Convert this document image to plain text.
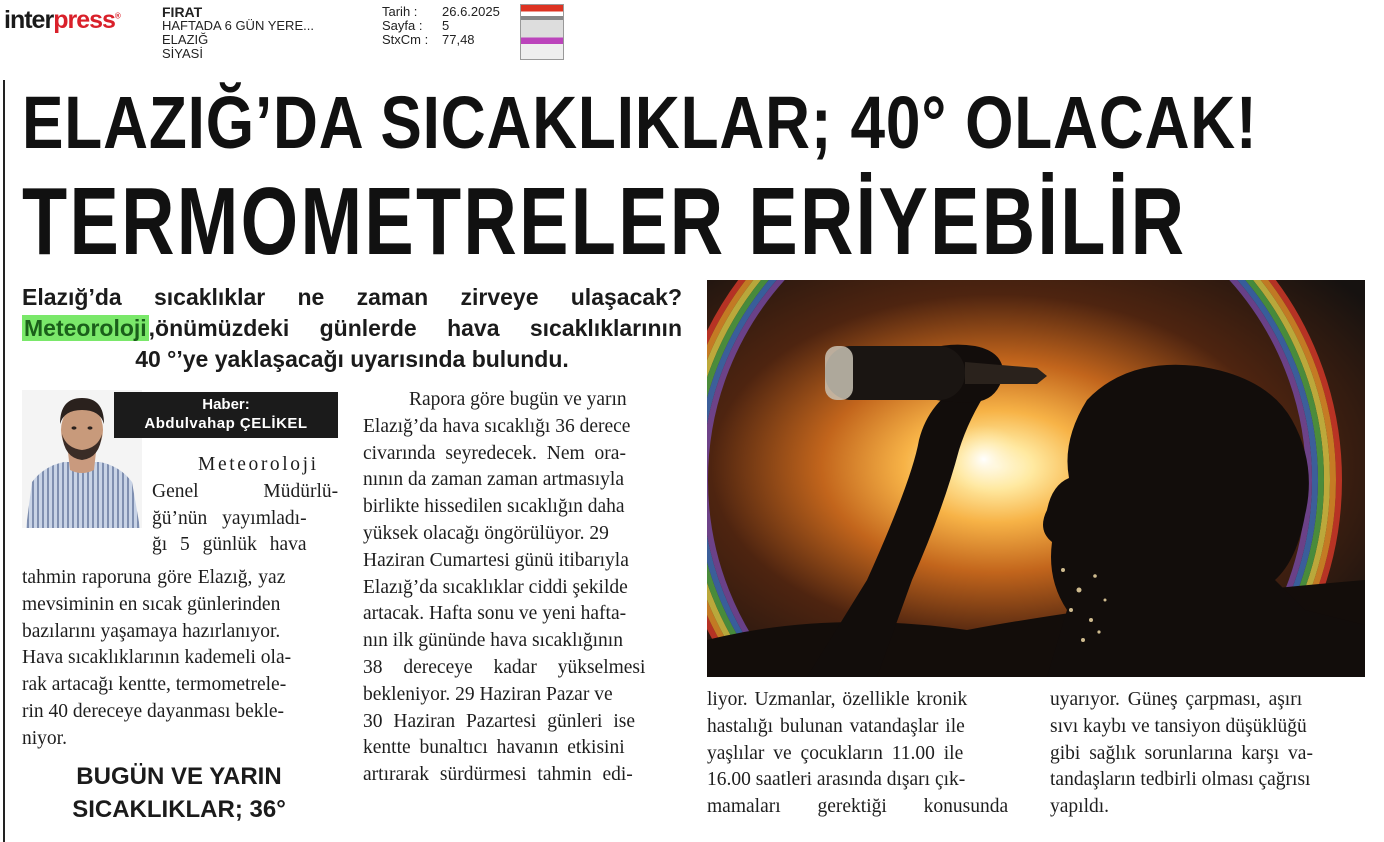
interpress®	FIRAT
HAFTADA 6 GÜN YERE...
ELAZIĞ
SİYASİ
Tarih :	26.6.2025
Sayfa :	5
StxCm :	77,48
ELAZIĞ’DA SICAKLIKLAR; 40° OLACAK!
TERMOMETRELER ERİYEBİLİR
Elazığ’da sıcaklıklar ne zaman zirveye ulaşacak?
Meteoroloji,önümüzdeki günlerde hava sıcaklıklarının
40 °’ye yaklaşacağı uyarısında bulundu.
Haber:
Abdulvahap ÇELİKEL
Meteoroloji
Genel Müdürlü-
ğü’nün yayımladı-
ğı 5 günlük hava
tahmin raporuna göre Elazığ, yaz
mevsiminin en sıcak günlerinden
bazılarını yaşamaya hazırlanıyor.
Hava sıcaklıklarının kademeli ola-
rak artacağı kentte, termometrele-
rin 40 dereceye dayanması bekle-
niyor.
BUGÜN VE YARIN
SICAKLIKLAR; 36°
Rapora göre bugün ve yarın
Elazığ’da hava sıcaklığı 36 derece
civarında seyredecek. Nem ora-
nının da zaman zaman artmasıyla
birlikte hissedilen sıcaklığın daha
yüksek olacağı öngörülüyor. 29
Haziran Cumartesi günü itibarıyla
Elazığ’da sıcaklıklar ciddi şekilde
artacak. Hafta sonu ve yeni hafta-
nın ilk gününde hava sıcaklığının
38 dereceye kadar yükselmesi
bekleniyor. 29 Haziran Pazar ve
30 Haziran Pazartesi günleri ise
kentte bunaltıcı havanın etkisini
artırarak sürdürmesi tahmin edi-
liyor. Uzmanlar, özellikle kronik
hastalığı bulunan vatandaşlar ile
yaşlılar ve çocukların 11.00 ile
16.00 saatleri arasında dışarı çık-
mamaları gerektiği konusunda
uyarıyor. Güneş çarpması, aşırı
sıvı kaybı ve tansiyon düşüklüğü
gibi sağlık sorunlarına karşı va-
tandaşların tedbirli olması çağrısı
yapıldı.
